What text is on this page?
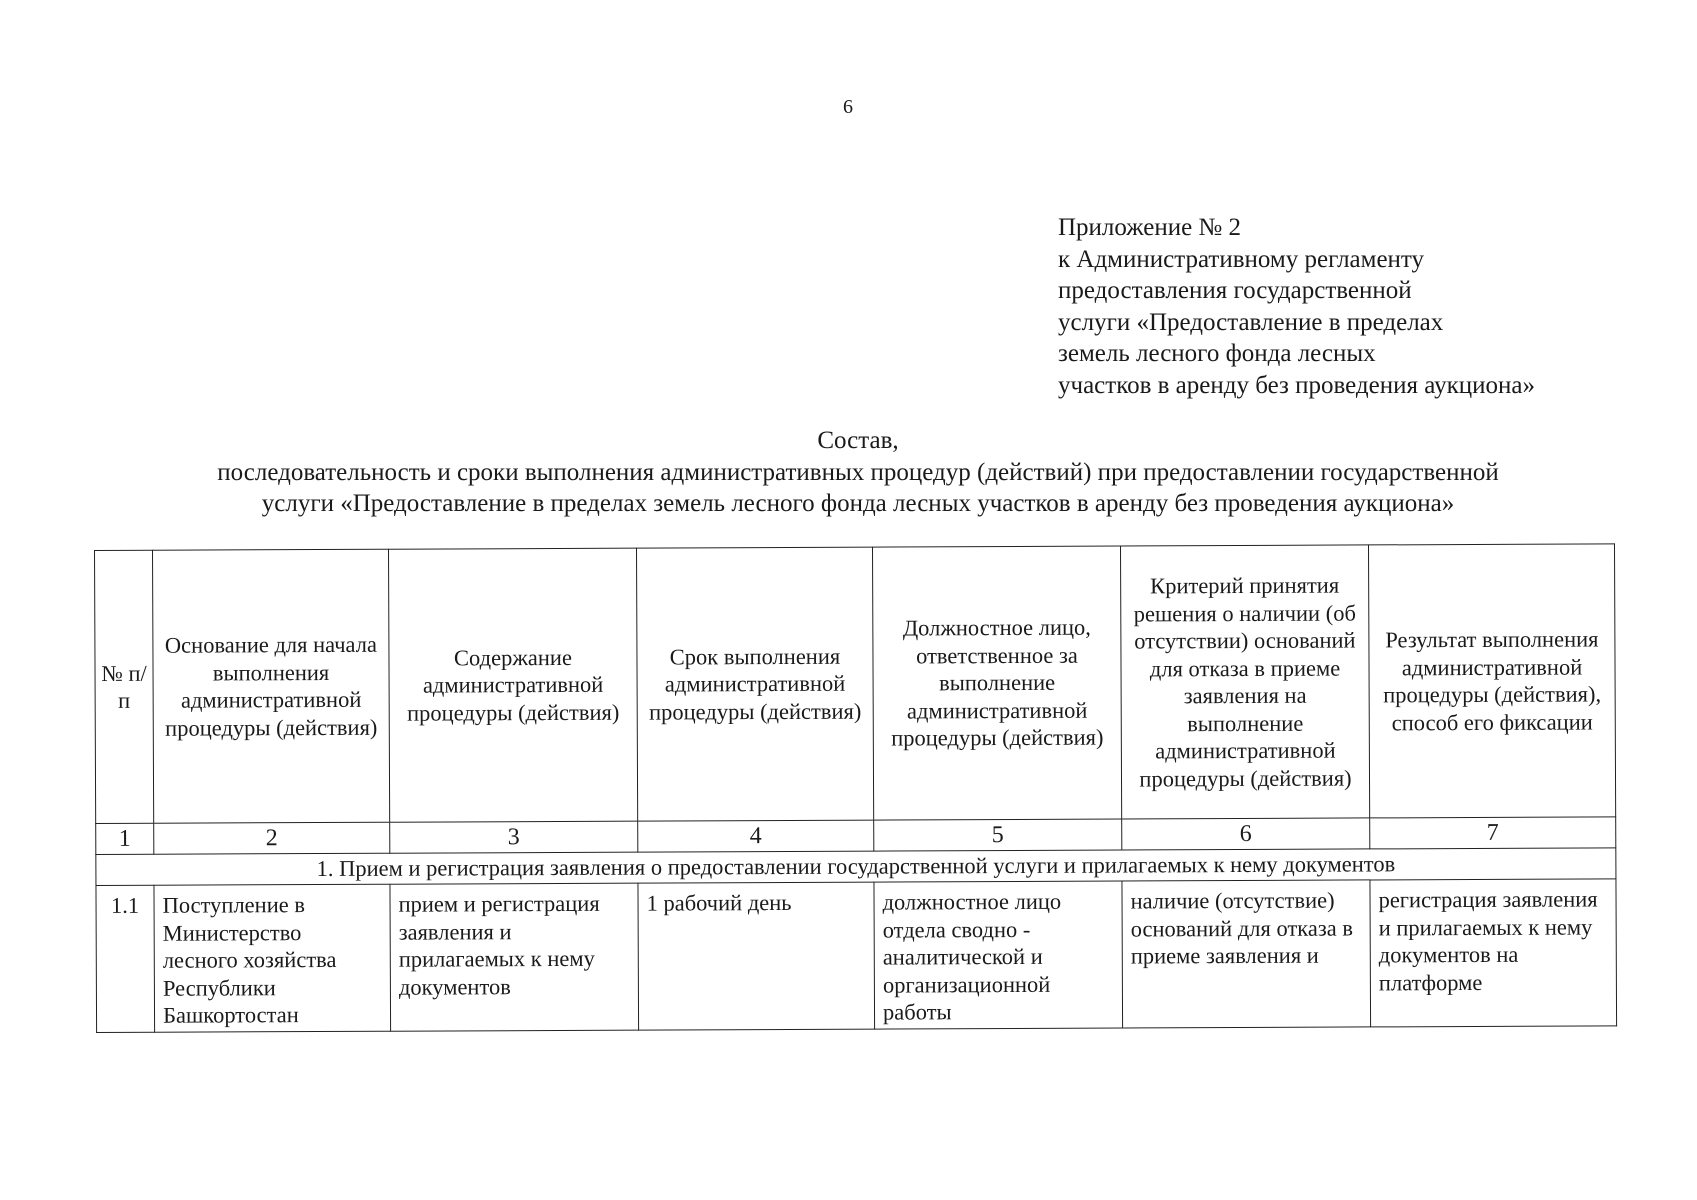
6
Приложение № 2
к Административному регламенту
предоставления государственной
услуги «Предоставление в пределах
земель лесного фонда лесных
участков в аренду без проведения аукциона»
Состав,
последовательность и сроки выполнения административных процедур (действий) при предоставлении государственной
услуги «Предоставление в пределах земель лесного фонда лесных участков в аренду без проведения аукциона»
№ п/п	Основание для начала выполнения административной процедуры (действия)	Содержание административной процедуры (действия)	Срок выполнения административной процедуры (действия)	Должностное лицо, ответственное за выполнение административной процедуры (действия)	Критерий принятия решения о наличии (об отсутствии) оснований для отказа в приеме заявления на выполнение административной процедуры (действия)	Результат выполнения административной процедуры (действия), способ его фиксации
1	2	3	4	5	6	7
1. Прием и регистрация заявления о предоставлении государственной услуги и прилагаемых к нему документов						
1.1	Поступление в Министерство лесного хозяйства Республики Башкортостан	прием и регистрация заявления и прилагаемых к нему документов	1 рабочий день	должностное лицо отдела сводно - аналитической и организационной работы	наличие (отсутствие) оснований для отказа в приеме заявления и	регистрация заявления и прилагаемых к нему документов на платформе
